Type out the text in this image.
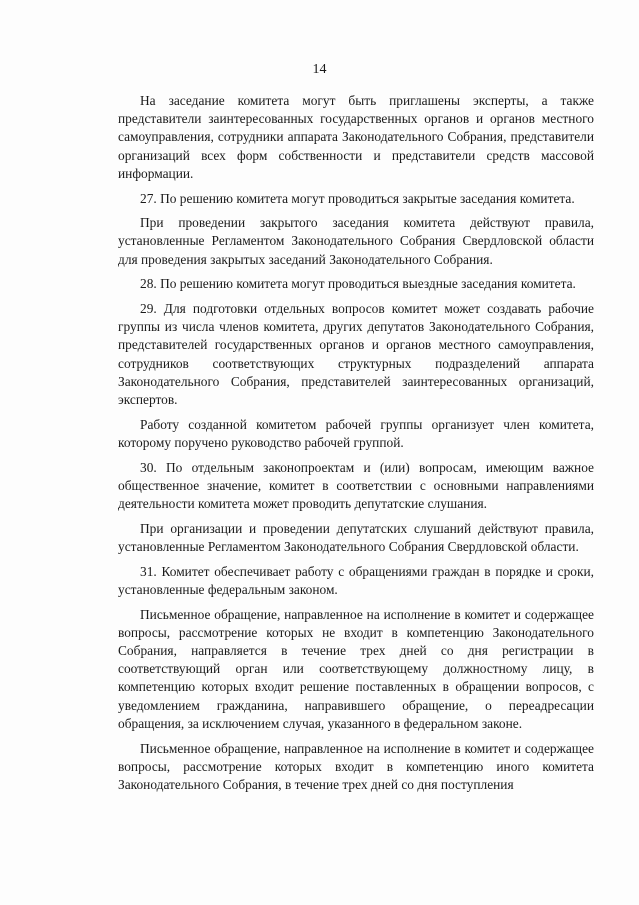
14

На заседание комитета могут быть приглашены эксперты, а также представители заинтересованных государственных органов и органов местного самоуправления, сотрудники аппарата Законодательного Собрания, представители организаций всех форм собственности и представители средств массовой информации.

27. По решению комитета могут проводиться закрытые заседания комитета.

При проведении закрытого заседания комитета действуют правила, установленные Регламентом Законодательного Собрания Свердловской области для проведения закрытых заседаний Законодательного Собрания.

28. По решению комитета могут проводиться выездные заседания комитета.

29. Для подготовки отдельных вопросов комитет может создавать рабочие группы из числа членов комитета, других депутатов Законодательного Собрания, представителей государственных органов и органов местного самоуправления, сотрудников соответствующих структурных подразделений аппарата Законодательного Собрания, представителей заинтересованных организаций, экспертов.

Работу созданной комитетом рабочей группы организует член комитета, которому поручено руководство рабочей группой.

30. По отдельным законопроектам и (или) вопросам, имеющим важное общественное значение, комитет в соответствии с основными направлениями деятельности комитета может проводить депутатские слушания.

При организации и проведении депутатских слушаний действуют правила, установленные Регламентом Законодательного Собрания Свердловской области.

31. Комитет обеспечивает работу с обращениями граждан в порядке и сроки, установленные федеральным законом.

Письменное обращение, направленное на исполнение в комитет и содержащее вопросы, рассмотрение которых не входит в компетенцию Законодательного Собрания, направляется в течение трех дней со дня регистрации в соответствующий орган или соответствующему должностному лицу, в компетенцию которых входит решение поставленных в обращении вопросов, с уведомлением гражданина, направившего обращение, о переадресации обращения, за исключением случая, указанного в федеральном законе.

Письменное обращение, направленное на исполнение в комитет и содержащее вопросы, рассмотрение которых входит в компетенцию иного комитета Законодательного Собрания, в течение трех дней со дня поступления
